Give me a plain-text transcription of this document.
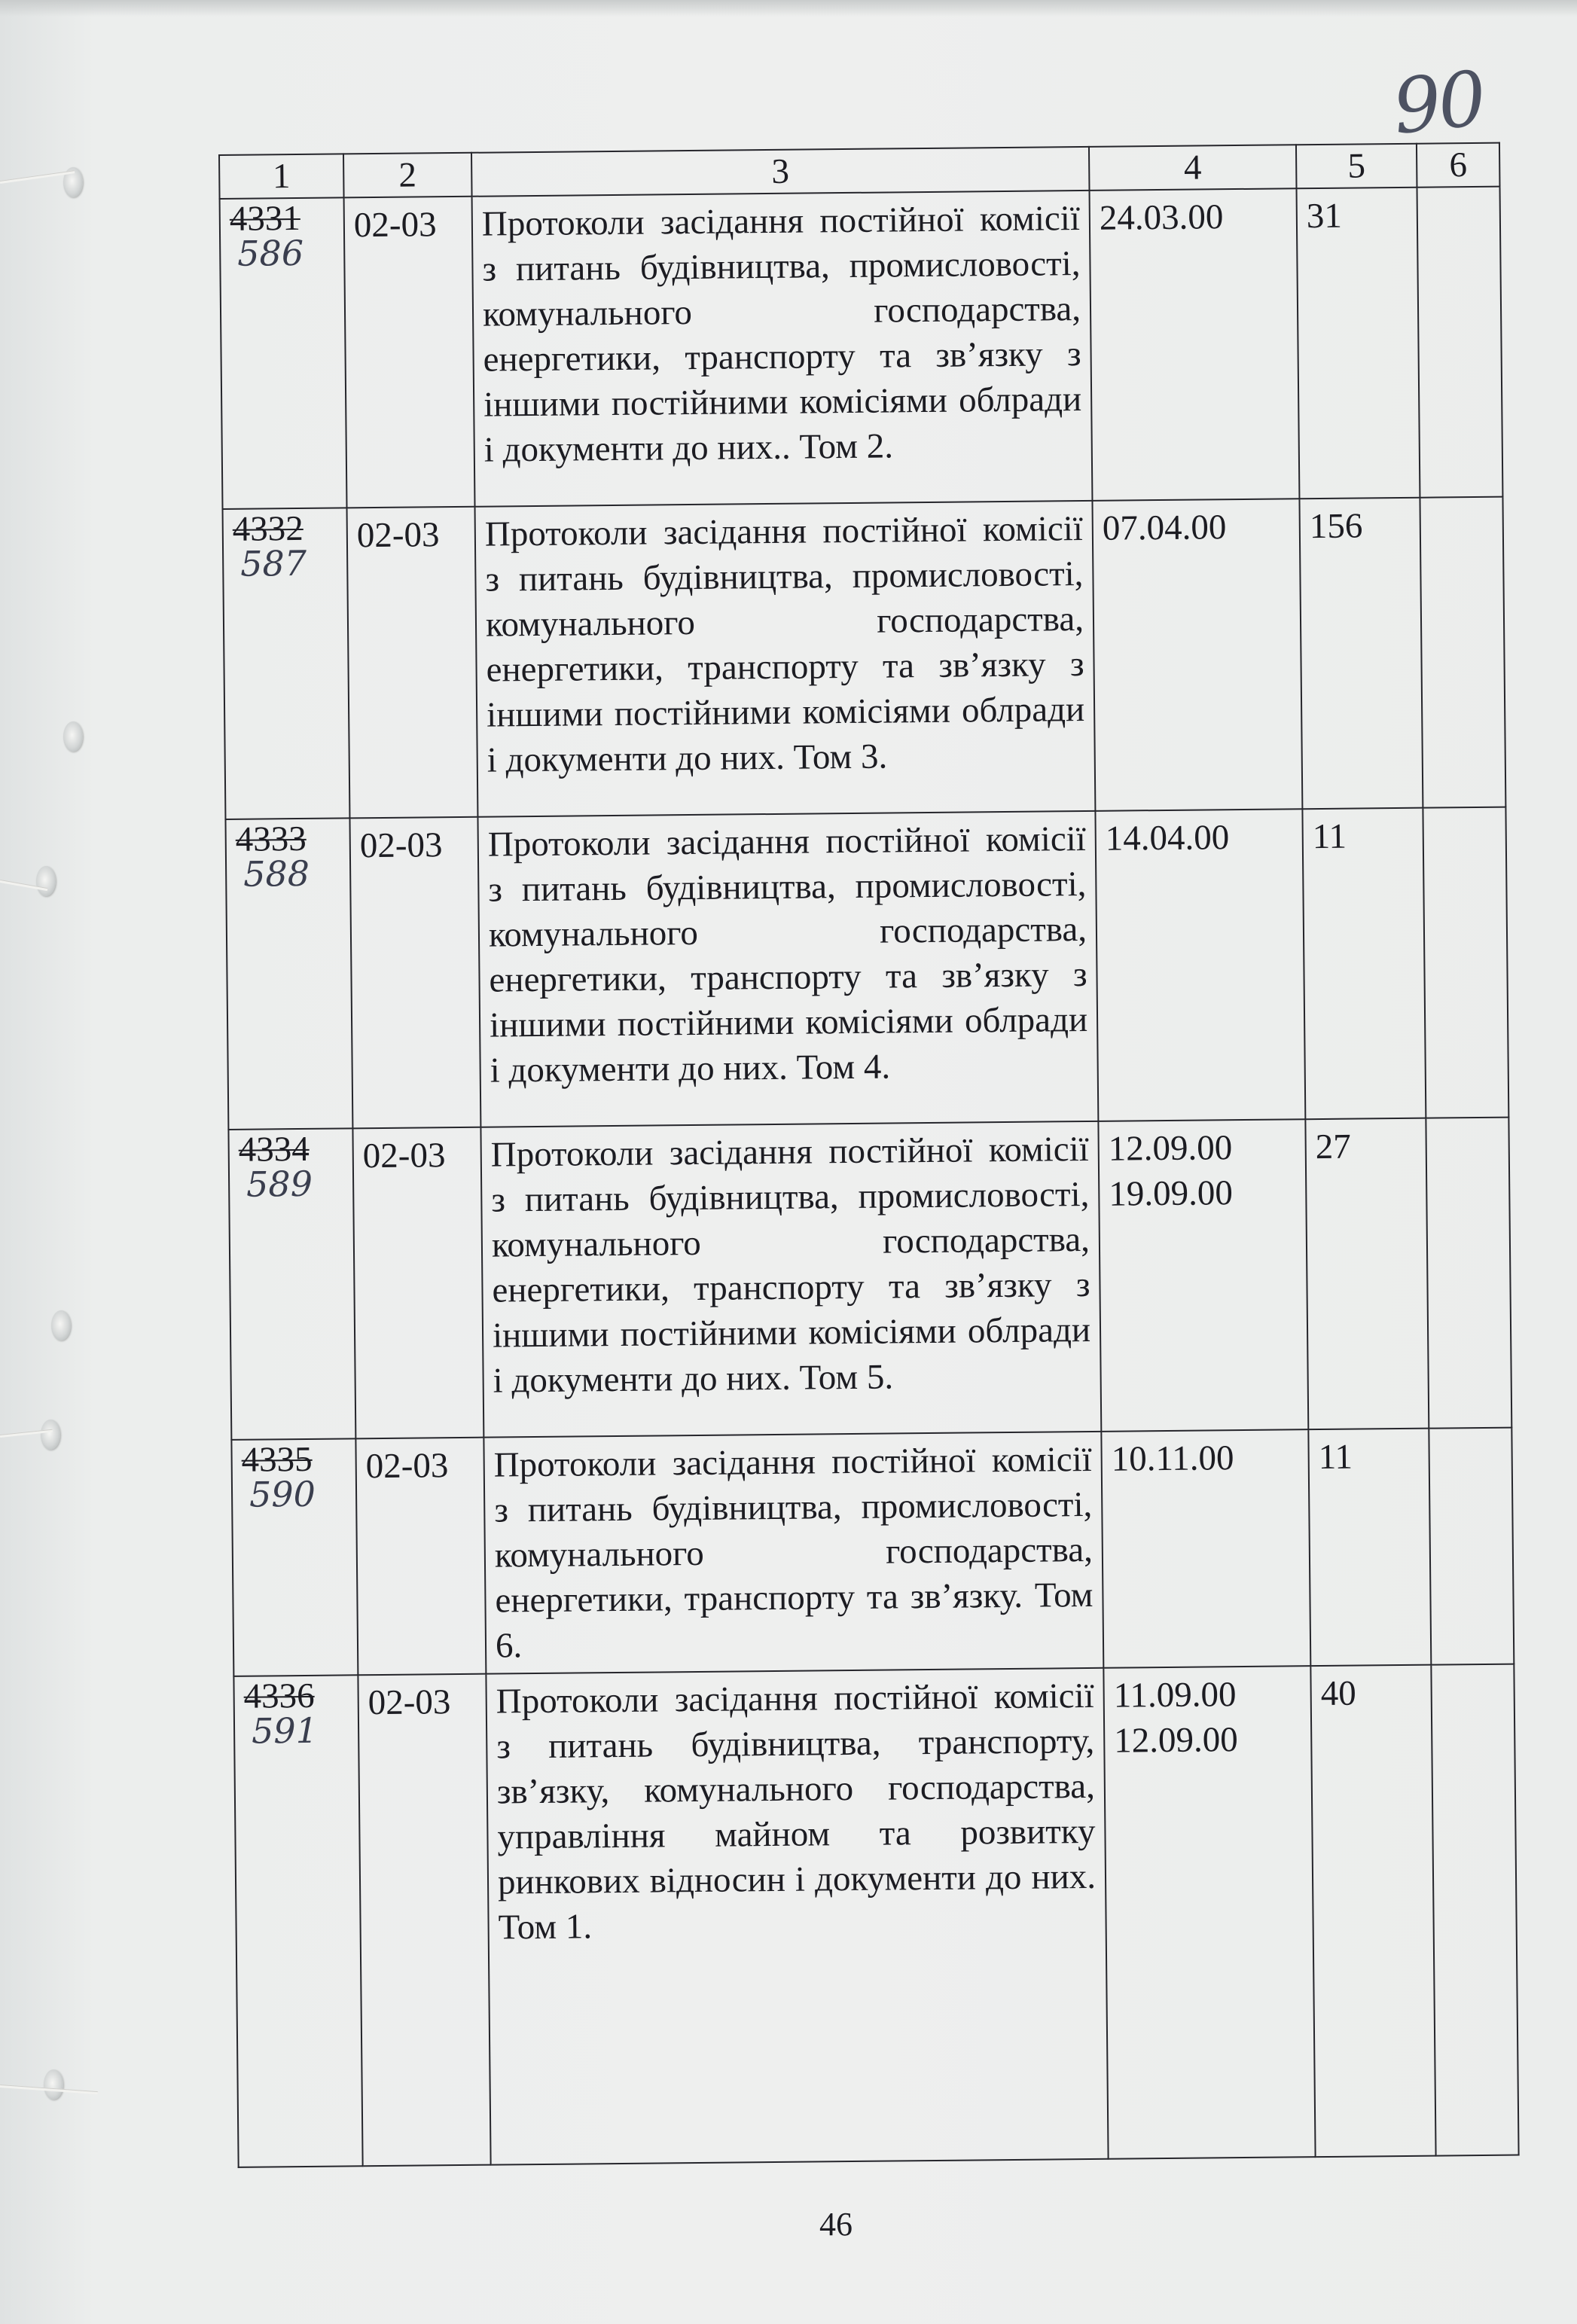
90
1	2	3	4	5	6

4331
586	02-03	Протоколи засідання постійної комісії з питань будівництва, промисловості, комунального господарства, енергетики, транспорту та зв’язку з іншими постійними комісіями облради і документи до них.. Том 2.	24.03.00	31	

4332
587	02-03	Протоколи засідання постійної комісії з питань будівництва, промисловості, комунального господарства, енергетики, транспорту та зв’язку з іншими постійними комісіями облради і документи до них. Том 3.	07.04.00	156	

4333
588	02-03	Протоколи засідання постійної комісії з питань будівництва, промисловості, комунального господарства, енергетики, транспорту та зв’язку з іншими постійними комісіями облради і документи до них. Том 4.	14.04.00	11	

4334
589	02-03	Протоколи засідання постійної комісії з питань будівництва, промисловості, комунального господарства, енергетики, транспорту та зв’язку з іншими постійними комісіями облради і документи до них. Том 5.	12.09.00
19.09.00	27	

4335
590	02-03	Протоколи засідання постійної комісії з питань будівництва, промисловості, комунального господарства, енергетики, транспорту та зв’язку. Том 6.	10.11.00	11	

4336
591	02-03	Протоколи засідання постійної комісії з питань будівництва, транспорту, зв’язку, комунального господарства, управління майном та розвитку ринкових відносин і документи до них. Том 1.	11.09.00
12.09.00	40	
46
